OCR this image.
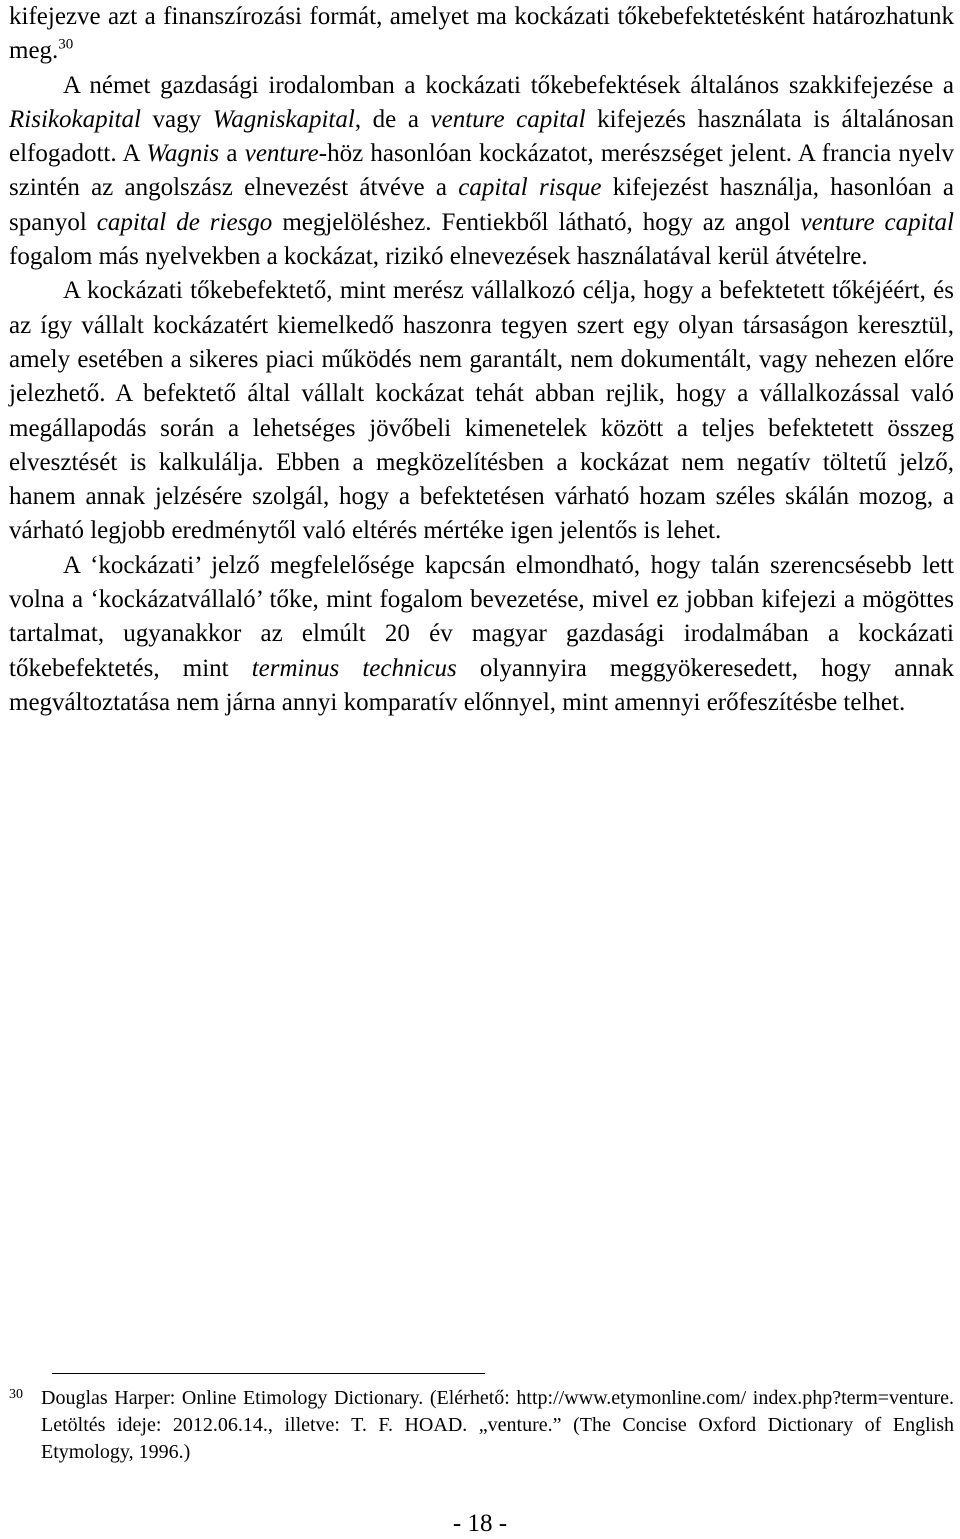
kifejezve azt a finanszírozási formát, amelyet ma kockázati tőkebefektetésként határozhatunk meg.$^{30}$

A német gazdasági irodalomban a kockázati tőkebefektések általános szakkifejezése a Risikokapital vagy Wagniskapital, de a venture capital kifejezés használata is általánosan elfogadott. A Wagnis a venture-höz hasonlóan kockázatot, merészséget jelent. A francia nyelv szintén az angolszász elnevezést átvéve a capital risque kifejezést használja, hasonlóan a spanyol capital de riesgo megjelöléshez. Fentiekből látható, hogy az angol venture capital fogalom más nyelvekben a kockázat, rizikó elnevezések használatával kerül átvételre.

A kockázati tőkebefektető, mint merész vállalkozó célja, hogy a befektetett tőkéjéért, és az így vállalt kockázatért kiemelkedő haszonra tegyen szert egy olyan társaságon keresztül, amely esetében a sikeres piaci működés nem garantált, nem dokumentált, vagy nehezen előre jelezhető. A befektető által vállalt kockázat tehát abban rejlik, hogy a vállalkozással való megállapodás során a lehetséges jövőbeli kimenetelek között a teljes befektetett összeg elvesztését is kalkulálja. Ebben a megközelítésben a kockázat nem negatív töltetű jelző, hanem annak jelzésére szolgál, hogy a befektetésen várható hozam széles skálán mozog, a várható legjobb eredménytől való eltérés mértéke igen jelentős is lehet.

A ‘kockázati’ jelző megfelelősége kapcsán elmondható, hogy talán szerencsésebb lett volna a ‘kockázatvállaló’ tőke, mint fogalom bevezetése, mivel ez jobban kifejezi a mögöttes tartalmat, ugyanakkor az elmúlt 20 év magyar gazdasági irodalmában a kockázati tőkebefektetés, mint terminus technicus olyannyira meggyökeresedett, hogy annak megváltoztatása nem járna annyi komparatív előnnyel, mint amennyi erőfeszítésbe telhet.

30 Douglas Harper: Online Etimology Dictionary. (Elérhető: http://www.etymonline.com/ index.php?term=venture. Letöltés ideje: 2012.06.14., illetve: T. F. HOAD. „venture.” (The Concise Oxford Dictionary of English Etymology, 1996.)
- 18 -
